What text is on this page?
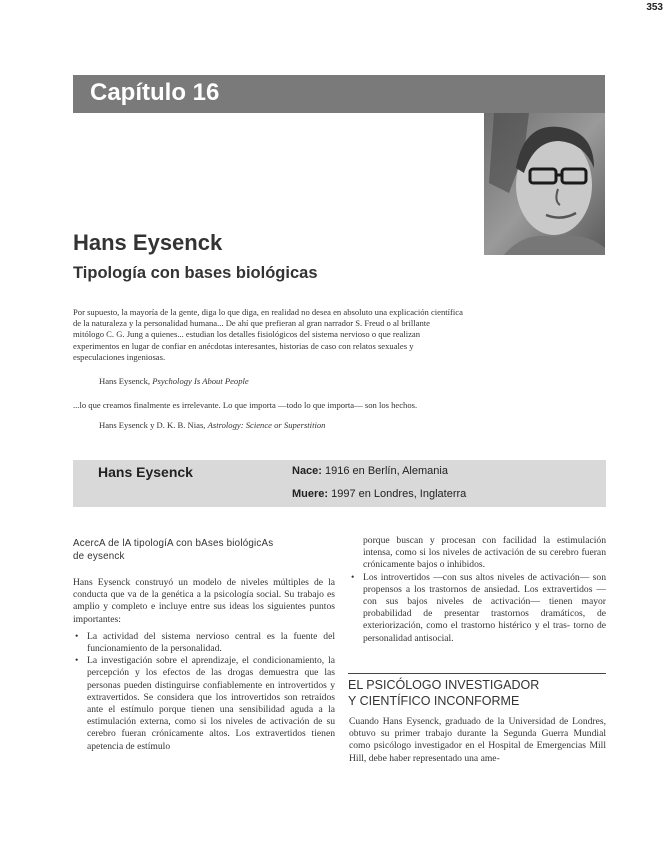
353
Capítulo 16
Hans Eysenck
Tipología con bases biológicas
Por supuesto, la mayoría de la gente, diga lo que diga, en realidad no desea en absoluto una explicación científica de la naturaleza y la personalidad humana... De ahí que prefieran al gran narrador S. Freud o al brillante mitólogo C. G. Jung a quienes... estudian los detalles fisiológicos del sistema nervioso o que realizan experimentos en lugar de confiar en anécdotas interesantes, historias de caso con relatos sexuales y especulaciones ingeniosas.
Hans Eysenck, Psychology Is About People
...lo que creamos finalmente es irrelevante. Lo que importa —todo lo que importa— son los hechos.
Hans Eysenck y D. K. B. Nias, Astrology: Science or Superstition
Hans Eysenck	Nace: 1916 en Berlín, Alemania
Muere: 1997 en Londres, Inglaterra
AcercA de lA tipologíA con bAses biológicAs
de eysenck

Hans Eysenck construyó un modelo de niveles múltiples de la conducta que va de la genética a la psicología social. Su trabajo es amplio y completo e incluye entre sus ideas los siguientes puntos importantes:

• La actividad del sistema nervioso central es la fuente del funcionamiento de la personalidad.
• La investigación sobre el aprendizaje, el condicionamiento, la percepción y los efectos de las drogas demuestra que las personas pueden distinguirse confiablemente en introvertidos y extravertidos. Se considera que los introvertidos son retraídos ante el estímulo porque tienen una sensibilidad aguda a la estimulación externa, como si los niveles de activación de su cerebro fueran crónicamente altos. Los extravertidos tienen apetencia de estímulo

porque buscan y procesan con facilidad la estimulación intensa, como si los niveles de activación de su cerebro fueran crónicamente bajos o inhibidos.

• Los introvertidos —con sus altos niveles de activación— son propensos a los trastornos de ansiedad. Los extravertidos —con sus bajos niveles de activación— tienen mayor probabilidad de presentar trastornos dramáticos, de exteriorización, como el trastorno histérico y el tras- torno de personalidad antisocial.
EL PSICÓLOGO INVESTIGADOR
Y CIENTÍFICO INCONFORME

Cuando Hans Eysenck, graduado de la Universidad de Londres, obtuvo su primer trabajo durante la Segunda Guerra Mundial como psicólogo investigador en el Hospital de Emergencias Mill Hill, debe haber representado una ame-
